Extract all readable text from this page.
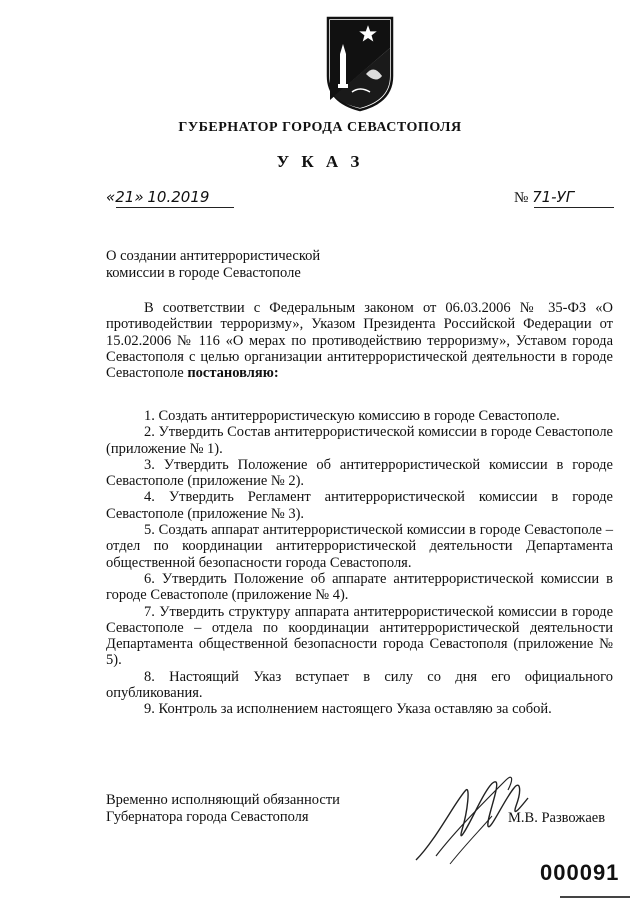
ГУБЕРНАТОР ГОРОДА СЕВАСТОПОЛЯ
У К А З
«21» 10.2019	№ 71-УГ
О создании антитеррористической комиссии в городе Севастополе
В соответствии с Федеральным законом от 06.03.2006 № 35-ФЗ «О противодействии терроризму», Указом Президента Российской Федерации от 15.02.2006 № 116 «О мерах по противодействию терроризму», Уставом города Севастополя с целью организации антитеррористической деятельности в городе Севастополе постановляю:

1. Создать антитеррористическую комиссию в городе Севастополе.

2. Утвердить Состав антитеррористической комиссии в городе Севастополе (приложение № 1).

3. Утвердить Положение об антитеррористической комиссии в городе Севастополе (приложение № 2).

4. Утвердить Регламент антитеррористической комиссии в городе Севастополе (приложение № 3).

5. Создать аппарат антитеррористической комиссии в городе Севастополе – отдел по координации антитеррористической деятельности Департамента общественной безопасности города Севастополя.

6. Утвердить Положение об аппарате антитеррористической комиссии в городе Севастополе (приложение № 4).

7. Утвердить структуру аппарата антитеррористической комиссии в городе Севастополе – отдела по координации антитеррористической деятельности Департамента общественной безопасности города Севастополя (приложение № 5).

8. Настоящий Указ вступает в силу со дня его официального опубликования.

9. Контроль за исполнением настоящего Указа оставляю за собой.

Временно исполняющий обязанности
Губернатора города Севастополя	М.В. Развожаев
000091
